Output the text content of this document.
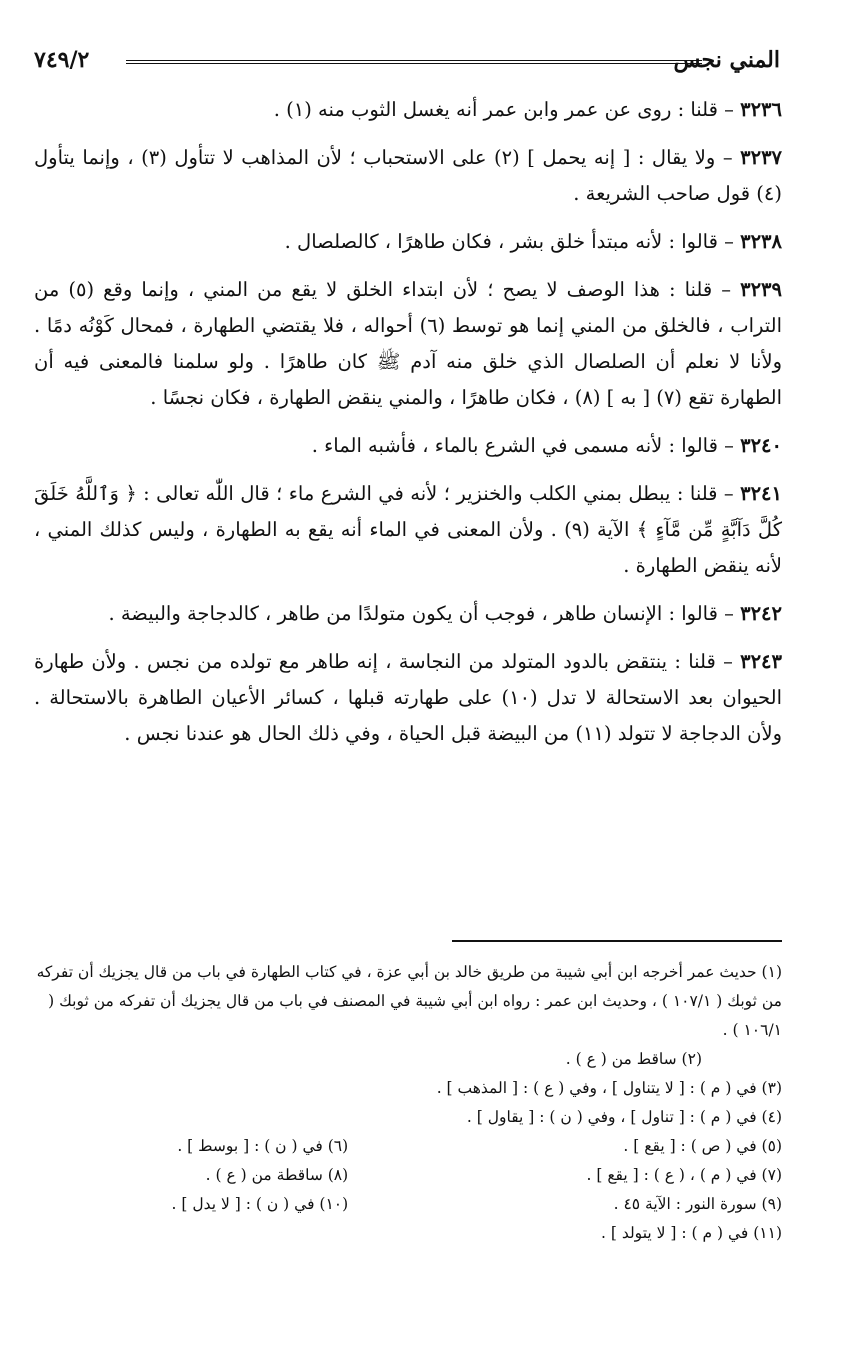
المني نجس
٧٤٩/٢

٣٢٣٦ – قلنا : روى عن عمر وابن عمر أنه يغسل الثوب منه (١) .

٣٢٣٧ – ولا يقال : [ إنه يحمل ] (٢) على الاستحباب ؛ لأن المذاهب لا تتأول (٣) ، وإنما يتأول (٤) قول صاحب الشريعة .

٣٢٣٨ – قالوا : لأنه مبتدأ خلق بشر ، فكان طاهرًا ، كالصلصال .

٣٢٣٩ – قلنا : هذا الوصف لا يصح ؛ لأن ابتداء الخلق لا يقع من المني ، وإنما وقع (٥) من التراب ، فالخلق من المني إنما هو توسط (٦) أحواله ، فلا يقتضي الطهارة ، فمحال كَوْنُه دمًا . ولأنا لا نعلم أن الصلصال الذي خلق منه آدم ﷺ كان طاهرًا . ولو سلمنا فالمعنى فيه أن الطهارة تقع (٧) [ به ] (٨) ، فكان طاهرًا ، والمني ينقض الطهارة ، فكان نجسًا .

٣٢٤٠ – قالوا : لأنه مسمى في الشرع بالماء ، فأشبه الماء .

٣٢٤١ – قلنا : يبطل بمني الكلب والخنزير ؛ لأنه في الشرع ماء ؛ قال اللّٰه تعالى : ﴿ وَٱللَّهُ خَلَقَ كُلَّ دَآبَّةٍ مِّن مَّآءٍ ﴾ الآية (٩) . ولأن المعنى في الماء أنه يقع به الطهارة ، وليس كذلك المني ، لأنه ينقض الطهارة .

٣٢٤٢ – قالوا : الإنسان طاهر ، فوجب أن يكون متولدًا من طاهر ، كالدجاجة والبيضة .

٣٢٤٣ – قلنا : ينتقض بالدود المتولد من النجاسة ، إنه طاهر مع تولده من نجس . ولأن طهارة الحيوان بعد الاستحالة لا تدل (١٠) على طهارته قبلها ، كسائر الأعيان الطاهرة بالاستحالة . ولأن الدجاجة لا تتولد (١١) من البيضة قبل الحياة ، وفي ذلك الحال هو عندنا نجس .

(١) حديث عمر أخرجه ابن أبي شيبة من طريق خالد بن أبي عزة ، في كتاب الطهارة في باب من قال يجزيك أن تفركه من ثوبك ( ١٠٧/١ ) ، وحديث ابن عمر : رواه ابن أبي شيبة في المصنف في باب من قال يجزيك أن تفركه من ثوبك ( ١٠٦/١ ) .

(٢) ساقط من ( ع ) .

(٣) في ( م ) : [ لا يتناول ] ، وفي ( ع ) : [ المذهب ] .

(٤) في ( م ) : [ تناول ] ، وفي ( ن ) : [ يقاول ] .

(٥) في ( ص ) : [ يقع ] .
(٦) في ( ن ) : [ بوسط ] .
(٧) في ( م ) ، ( ع ) : [ يقع ] .
(٨) ساقطة من ( ع ) .
(٩) سورة النور : الآية ٤٥ .
(١٠) في ( ن ) : [ لا يدل ] .

(١١) في ( م ) : [ لا يتولد ] .
